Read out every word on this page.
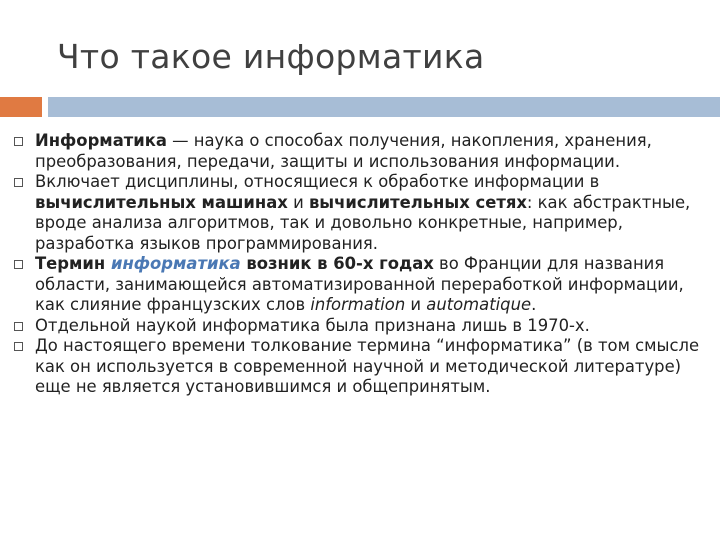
Что такое информатика
Информатика — наука о способах получения, накопления, хранения, преобразования, передачи, защиты и использования информации.
Включает дисциплины, относящиеся к обработке информации в вычислительных машинах и вычислительных сетях: как абстрактные, вроде анализа алгоритмов, так и довольно конкретные, например, разработка языков программирования.
Термин информатика возник в 60-х годах во Франции для названия области, занимающейся автоматизированной переработкой информации, как слияние французских слов information и automatique.
Отдельной наукой информатика была признана лишь в 1970-х.
До настоящего времени толкование термина “информатика” (в том смысле как он используется в современной научной и методической литературе) еще не является установившимся и общепринятым.
